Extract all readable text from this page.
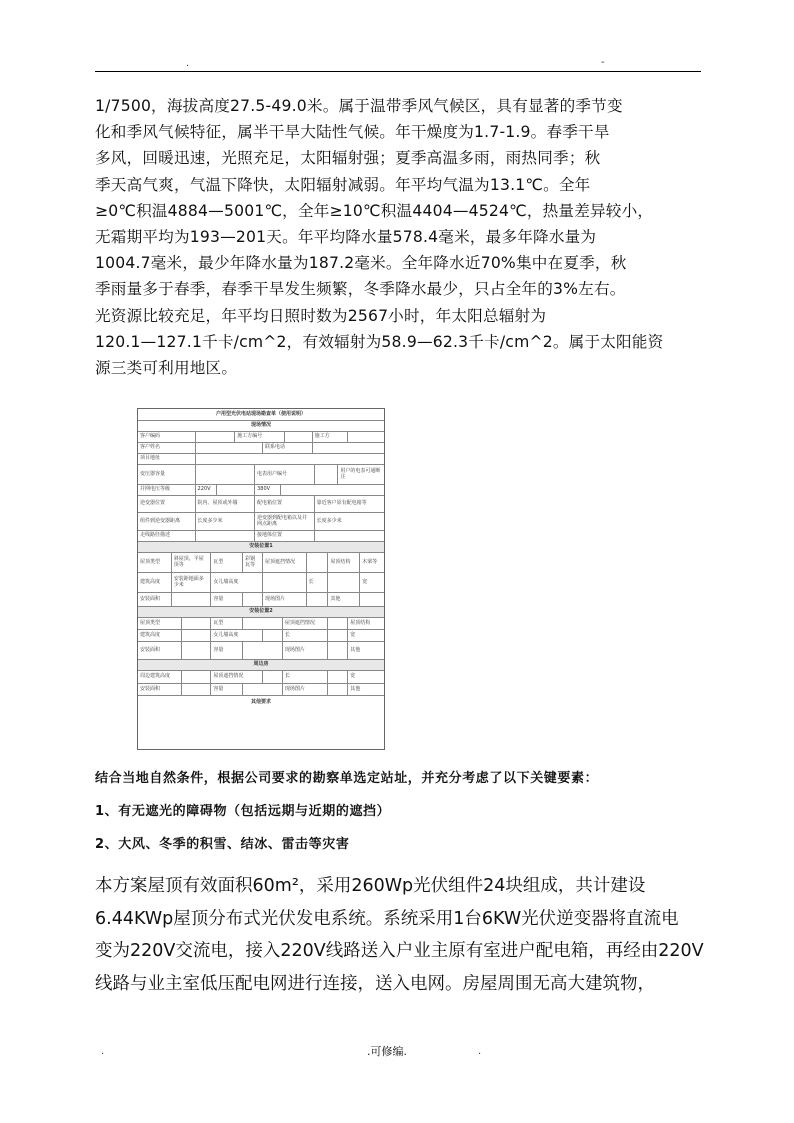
.	-
1/7500，海拔高度27.5-49.0米。属于温带季风气候区，具有显著的季节变
化和季风气候特征，属半干旱大陆性气候。年干燥度为1.7-1.9。春季干旱
多风，回暖迅速，光照充足，太阳辐射强；夏季高温多雨，雨热同季；秋
季天高气爽，气温下降快，太阳辐射减弱。年平均气温为13.1℃。全年
≥0℃积温4884—5001℃，全年≥10℃积温4404—4524℃，热量差异较小，
无霜期平均为193—201天。年平均降水量578.4毫米，最多年降水量为
1004.7毫米，最少年降水量为187.2毫米。全年降水近70%集中在夏季，秋
季雨量多于春季，春季干旱发生频繁，冬季降水最少，只占全年的3%左右。
光资源比较充足，年平均日照时数为2567小时，年太阳总辐射为
120.1—127.1千卡/cm^2，有效辐射为58.9—62.3千卡/cm^2。属于太阳能资
源三类可利用地区。
户用型光伏电站现场勘查单（使用说明）
现场情况
客户编码	施工方编号	施工方
客户姓名	联系电话
项目地址
变压器容量	电表用户编号	用户的电表可通断注
并网电压等级	220V	380V
逆变器位置	院内、屋顶或外墙	配电箱位置	靠近客户原有配电箱等
组件到逆变器距离	长度多少米	逆变器到配电箱以及并网点距离	长度多少米
走线路径描述	接地体位置
安装位置1
屋顶类型	斜屋顶、平屋顶等	瓦型	彩钢瓦等	屋顶遮挡情况	屋顶结构	木梁等
建筑高度	安装距地面多少米	女儿墙高度	长	宽
安装面积	容量	现场图片	其他
安装位置2
屋顶类型	瓦型	屋顶遮挡情况	屋顶结构
建筑高度	女儿墙高度	长	宽
安装面积	容量	现场图片	其他
周边房
周边建筑高度	屋顶遮挡情况	长	宽
安装面积	容量	现场图片	其他
其他要求
结合当地自然条件，根据公司要求的勘察单选定站址，并充分考虑了以下关键要素：
1、有无遮光的障碍物（包括远期与近期的遮挡）
2、大风、冬季的积雪、结冰、雷击等灾害
本方案屋顶有效面积60m²，采用260Wp光伏组件24块组成，共计建设
6.44KWp屋顶分布式光伏发电系统。系统采用1台6KW光伏逆变器将直流电
变为220V交流电，接入220V线路送入户业主原有室进户配电箱，再经由220V
线路与业主室低压配电网进行连接，送入电网。房屋周围无高大建筑物，
.	.可修编.	.
